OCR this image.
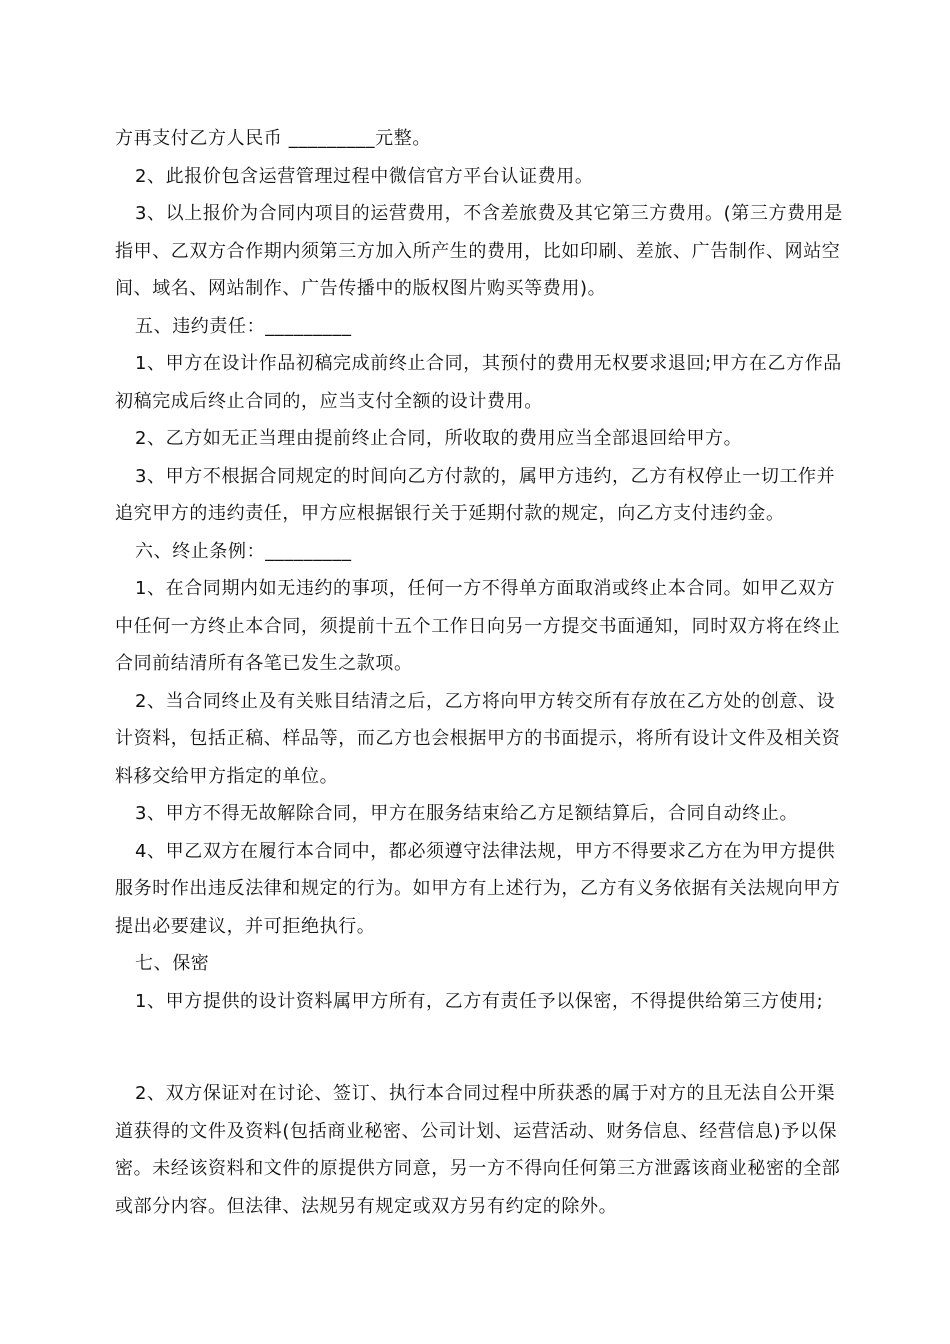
方再支付乙方人民币 _________元整。

2、此报价包含运营管理过程中微信官方平台认证费用。

3、以上报价为合同内项目的运营费用，不含差旅费及其它第三方费用。(第三方费用是指甲、乙双方合作期内须第三方加入所产生的费用，比如印刷、差旅、广告制作、网站空间、域名、网站制作、广告传播中的版权图片购买等费用)。

五、违约责任：_________

1、甲方在设计作品初稿完成前终止合同，其预付的费用无权要求退回;甲方在乙方作品初稿完成后终止合同的，应当支付全额的设计费用。

2、乙方如无正当理由提前终止合同，所收取的费用应当全部退回给甲方。

3、甲方不根据合同规定的时间向乙方付款的，属甲方违约，乙方有权停止一切工作并追究甲方的违约责任，甲方应根据银行关于延期付款的规定，向乙方支付违约金。

六、终止条例：_________

1、在合同期内如无违约的事项，任何一方不得单方面取消或终止本合同。如甲乙双方中任何一方终止本合同，须提前十五个工作日向另一方提交书面通知，同时双方将在终止合同前结清所有各笔已发生之款项。

2、当合同终止及有关账目结清之后，乙方将向甲方转交所有存放在乙方处的创意、设计资料，包括正稿、样品等，而乙方也会根据甲方的书面提示，将所有设计文件及相关资料移交给甲方指定的单位。

3、甲方不得无故解除合同，甲方在服务结束给乙方足额结算后，合同自动终止。

4、甲乙双方在履行本合同中，都必须遵守法律法规，甲方不得要求乙方在为甲方提供服务时作出违反法律和规定的行为。如甲方有上述行为，乙方有义务依据有关法规向甲方提出必要建议，并可拒绝执行。

七、保密

1、甲方提供的设计资料属甲方所有，乙方有责任予以保密，不得提供给第三方使用;

2、双方保证对在讨论、签订、执行本合同过程中所获悉的属于对方的且无法自公开渠道获得的文件及资料(包括商业秘密、公司计划、运营活动、财务信息、经营信息)予以保密。未经该资料和文件的原提供方同意，另一方不得向任何第三方泄露该商业秘密的全部或部分内容。但法律、法规另有规定或双方另有约定的除外。
